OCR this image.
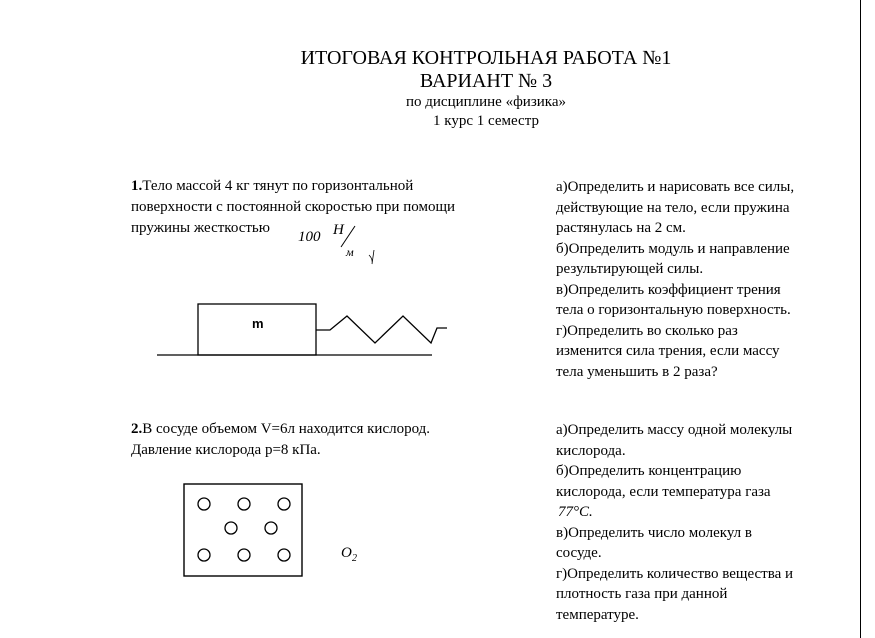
ИТОГОВАЯ КОНТРОЛЬНАЯ РАБОТА №1
ВАРИАНТ № 3
по дисциплине «физика»
1 курс 1 семестр
1.Тело массой 4 кг тянут по горизонтальной
поверхности с постоянной скоростью при помощи
пружины жесткостью
100 Н
м
m
O 2
а)Определить и нарисовать все силы,
действующие на тело, если пружина
растянулась на 2 см.
б)Определить модуль и направление
результирующей силы.
в)Определить коэффициент трения
тела о горизонтальную поверхность.
г)Определить во сколько раз
изменится сила трения, если массу
тела уменьшить в 2 раза?
2.В сосуде объемом V=6л находится кислород.
Давление кислорода p=8 кПа.
а)Определить массу одной молекулы
кислорода.
б)Определить концентрацию
кислорода, если температура газа
77°C.
в)Определить число молекул в
сосуде.
г)Определить количество вещества и
плотность газа при данной
температуре.
